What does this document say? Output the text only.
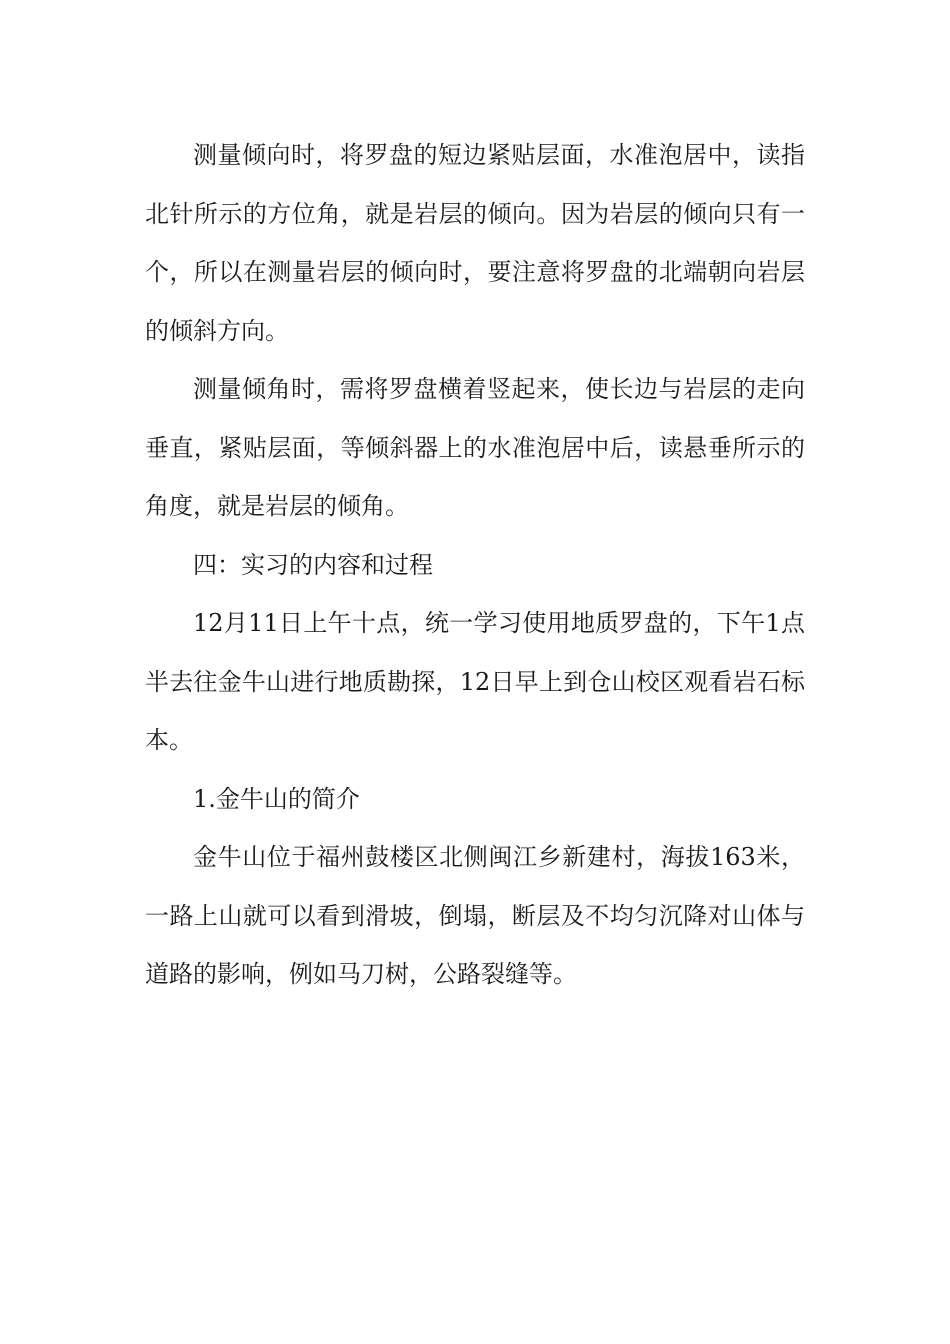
测量倾向时，将罗盘的短边紧贴层面，水准泡居中，读指北针所示的方位角，就是岩层的倾向。因为岩层的倾向只有一个，所以在测量岩层的倾向时，要注意将罗盘的北端朝向岩层的倾斜方向。

测量倾角时，需将罗盘横着竖起来，使长边与岩层的走向垂直，紧贴层面，等倾斜器上的水准泡居中后，读悬垂所示的角度，就是岩层的倾角。

四：实习的内容和过程

12月11日上午十点，统一学习使用地质罗盘的，下午1点半去往金牛山进行地质勘探，12日早上到仓山校区观看岩石标本。

1.金牛山的简介

金牛山位于福州鼓楼区北侧闽江乡新建村，海拔163米，一路上山就可以看到滑坡，倒塌，断层及不均匀沉降对山体与道路的影响，例如马刀树，公路裂缝等。
